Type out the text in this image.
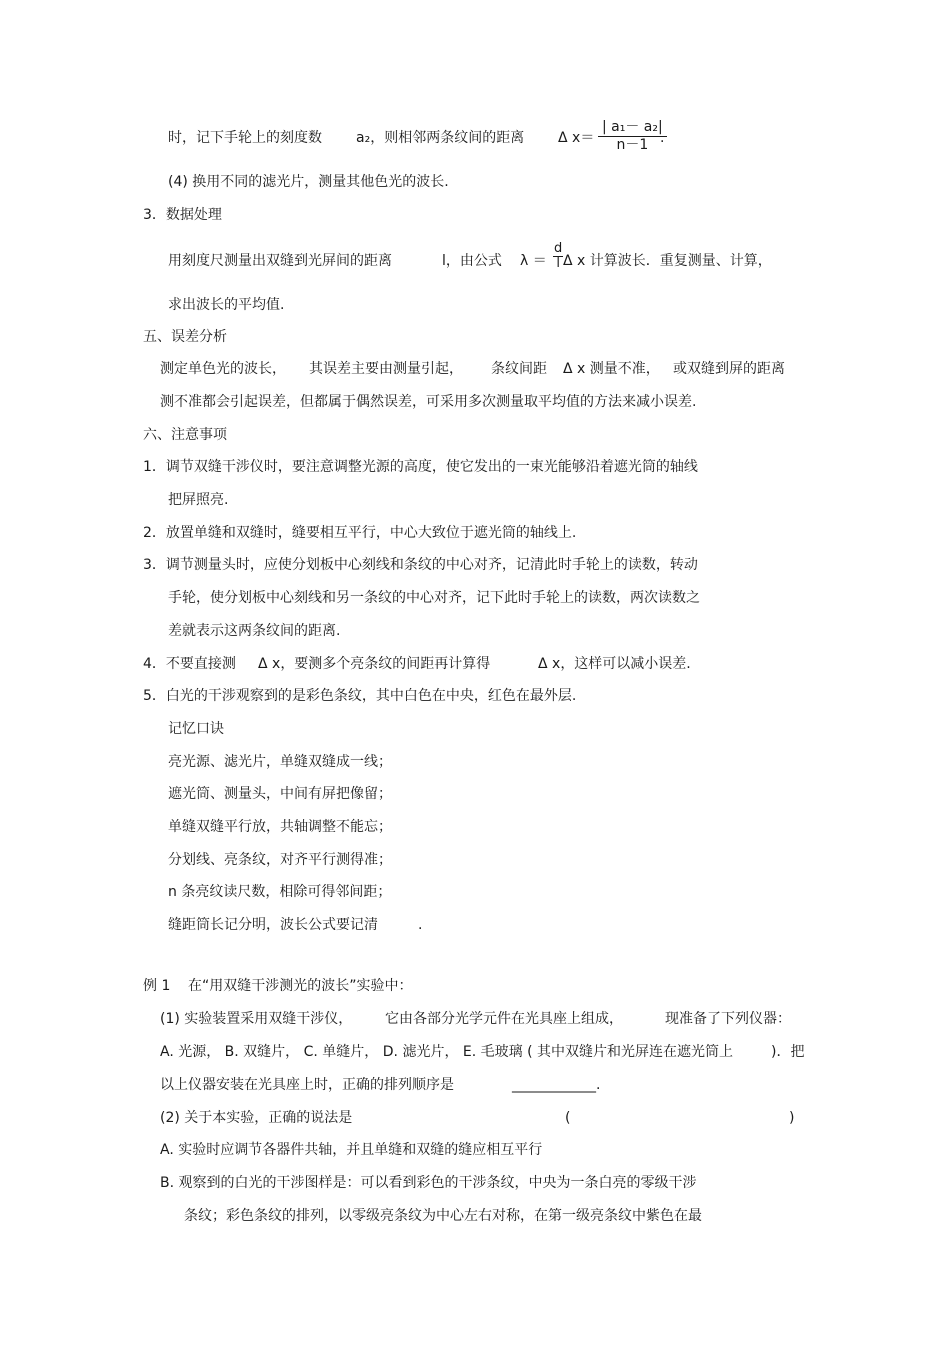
时，记下手轮上的刻度数 a₂，则相邻两条纹间的距离 Δ $x= \frac{\text{| a₁－ a₂|}}{n-1}$
.
(4) 换用不同的滤光片，测量其他色光的波长.
3．数据处理
用刻度尺测量出双缝到光屏间的距离	l，由公式 $\lambda = \frac{d}{l}$ Δ x 计算波长．重复测量、计算，
求出波长的平均值.
五、误差分析
测定单色光的波长， 其误差主要由测量引起， 条纹间距 Δ x 测量不准， 或双缝到屏的距离
测不准都会引起误差，但都属于偶然误差，可采用多次测量取平均值的方法来减小误差.
六、注意事项
1．调节双缝干涉仪时，要注意调整光源的高度，使它发出的一束光能够沿着遮光筒的轴线
把屏照亮.
2．放置单缝和双缝时，缝要相互平行，中心大致位于遮光筒的轴线上.
3．调节测量头时，应使分划板中心刻线和条纹的中心对齐，记清此时手轮上的读数，转动
手轮，使分划板中心刻线和另一条纹的中心对齐，记下此时手轮上的读数，两次读数之
差就表示这两条纹间的距离.
4．不要直接测 Δ x，要测多个亮条纹的间距再计算得	Δ x，这样可以减小误差.
5．白光的干涉观察到的是彩色条纹，其中白色在中央，红色在最外层.
记忆口诀
亮光源、滤光片，单缝双缝成一线；
遮光筒、测量头，中间有屏把像留；
单缝双缝平行放，共轴调整不能忘；
分划线、亮条纹，对齐平行测得准；
n 条亮纹读尺数，相除可得邻间距；
缝距筒长记分明，波长公式要记清	.
例 1 在“用双缝干涉测光的波长”实验中：
(1) 实验装置采用双缝干涉仪， 它由各部分光学元件在光具座上组成，	现准备了下列仪器：
A. 光源， B. 双缝片， C. 单缝片， D. 滤光片， E. 毛玻璃 ( 其中双缝片和光屏连在遮光筒上	)．把
以上仪器安装在光具座上时，正确的排列顺序是	____________.
(2) 关于本实验，正确的说法是	(	)
A. 实验时应调节各器件共轴，并且单缝和双缝的缝应相互平行
B. 观察到的白光的干涉图样是：可以看到彩色的干涉条纹，中央为一条白亮的零级干涉
条纹；彩色条纹的排列，以零级亮条纹为中心左右对称，在第一级亮条纹中紫色在最
